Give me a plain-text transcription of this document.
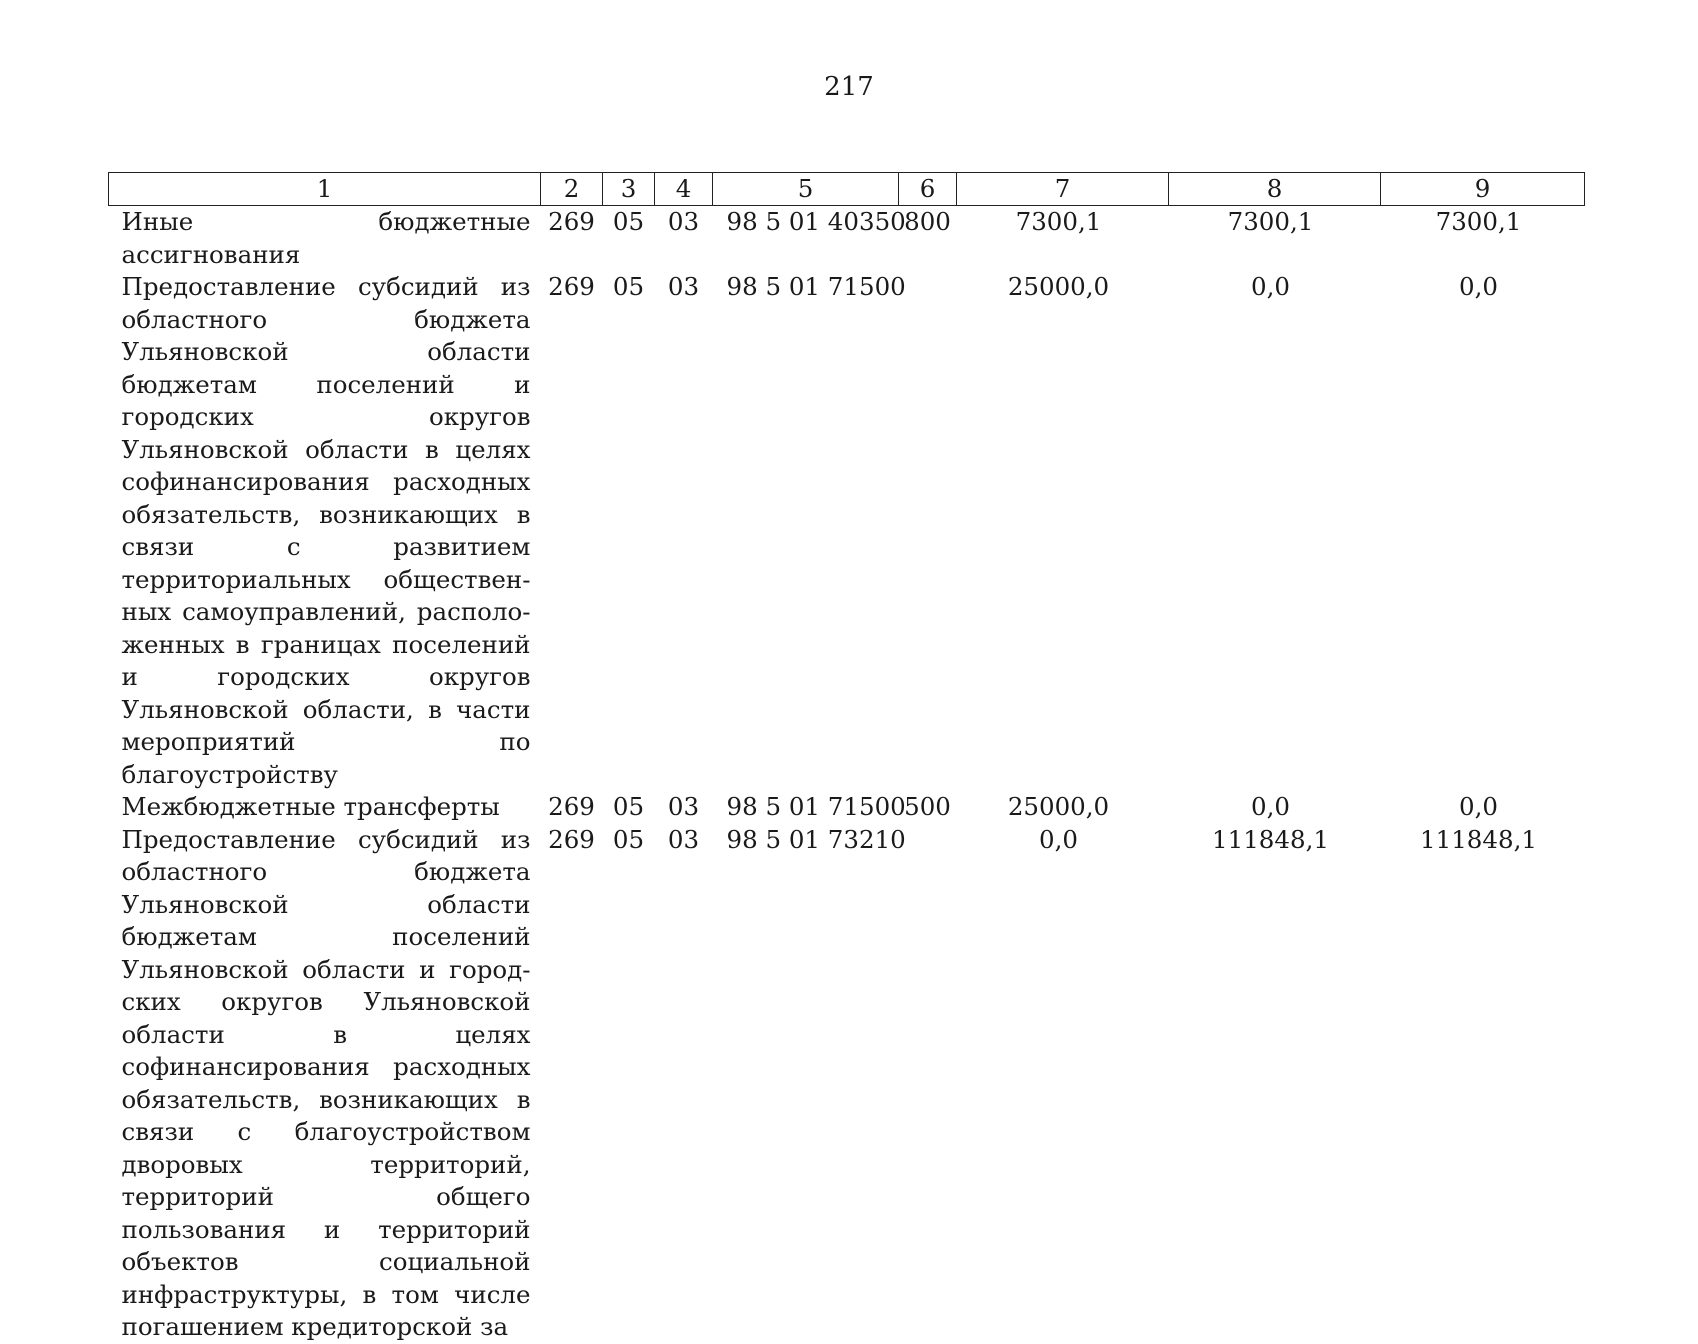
217
1	2	3	4	5	6	7	8	9
Иные бюджетные ассигнования	269	05	03	98 5 01 40350	800	7300,1	7300,1	7300,1
Предоставление субсидий из областного бюджета Ульяновской области бюджетам поселений и городских округов Ульяновской области в целях софинансирования расходных обязательств, возникающих в связи с развитием территориальных общественных самоуправлений, расположенных в границах поселений и городских округов Ульяновской области, в части мероприятий по благоустройству	269	05	03	98 5 01 71500		25000,0	0,0	0,0
Межбюджетные трансферты	269	05	03	98 5 01 71500	500	25000,0	0,0	0,0
Предоставление субсидий из областного бюджета Ульяновской области бюджетам поселений Ульяновской области и городских округов Ульяновской области в целях софинансирования расходных обязательств, возникающих в связи с благоустройством дворовых территорий, территорий общего пользования и территорий объектов социальной инфраструктуры, в том числе погашением кредиторской за	269	05	03	98 5 01 73210		0,0	111848,1	111848,1
